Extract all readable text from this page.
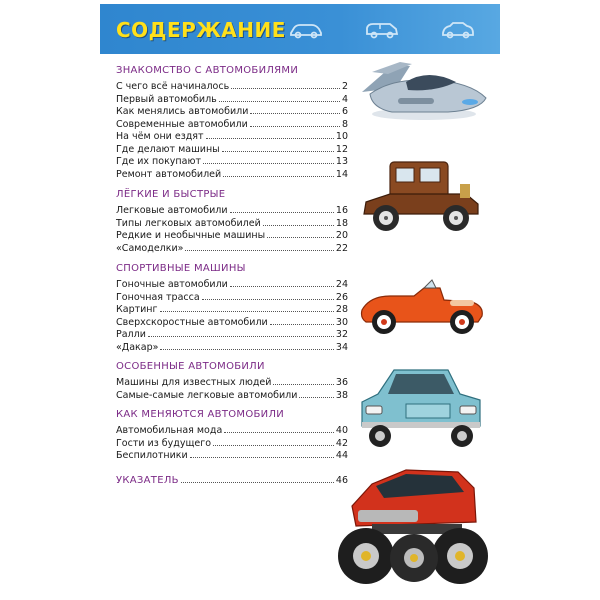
СОДЕРЖАНИЕ
ЗНАКОМСТВО С АВТОМОБИЛЯМИ
С чего всё начиналось	2
Первый автомобиль	4
Как менялись автомобили	6
Современные автомобили	8
На чём они ездят	10
Где делают машины	12
Где их покупают	13
Ремонт автомобилей	14
ЛЁГКИЕ И БЫСТРЫЕ
Легковые автомобили	16
Типы легковых автомобилей	18
Редкие и необычные машины	20
«Самоделки»	22
СПОРТИВНЫЕ МАШИНЫ
Гоночные автомобили	24
Гоночная трасса	26
Картинг	28
Сверхскоростные автомобили	30
Ралли	32
«Дакар»	34
ОСОБЕННЫЕ АВТОМОБИЛИ
Машины для известных людей	36
Самые-самые легковые автомобили	38
КАК МЕНЯЮТСЯ АВТОМОБИЛИ
Автомобильная мода	40
Гости из будущего	42
Беспилотники	44
УКАЗАТЕЛЬ	46
